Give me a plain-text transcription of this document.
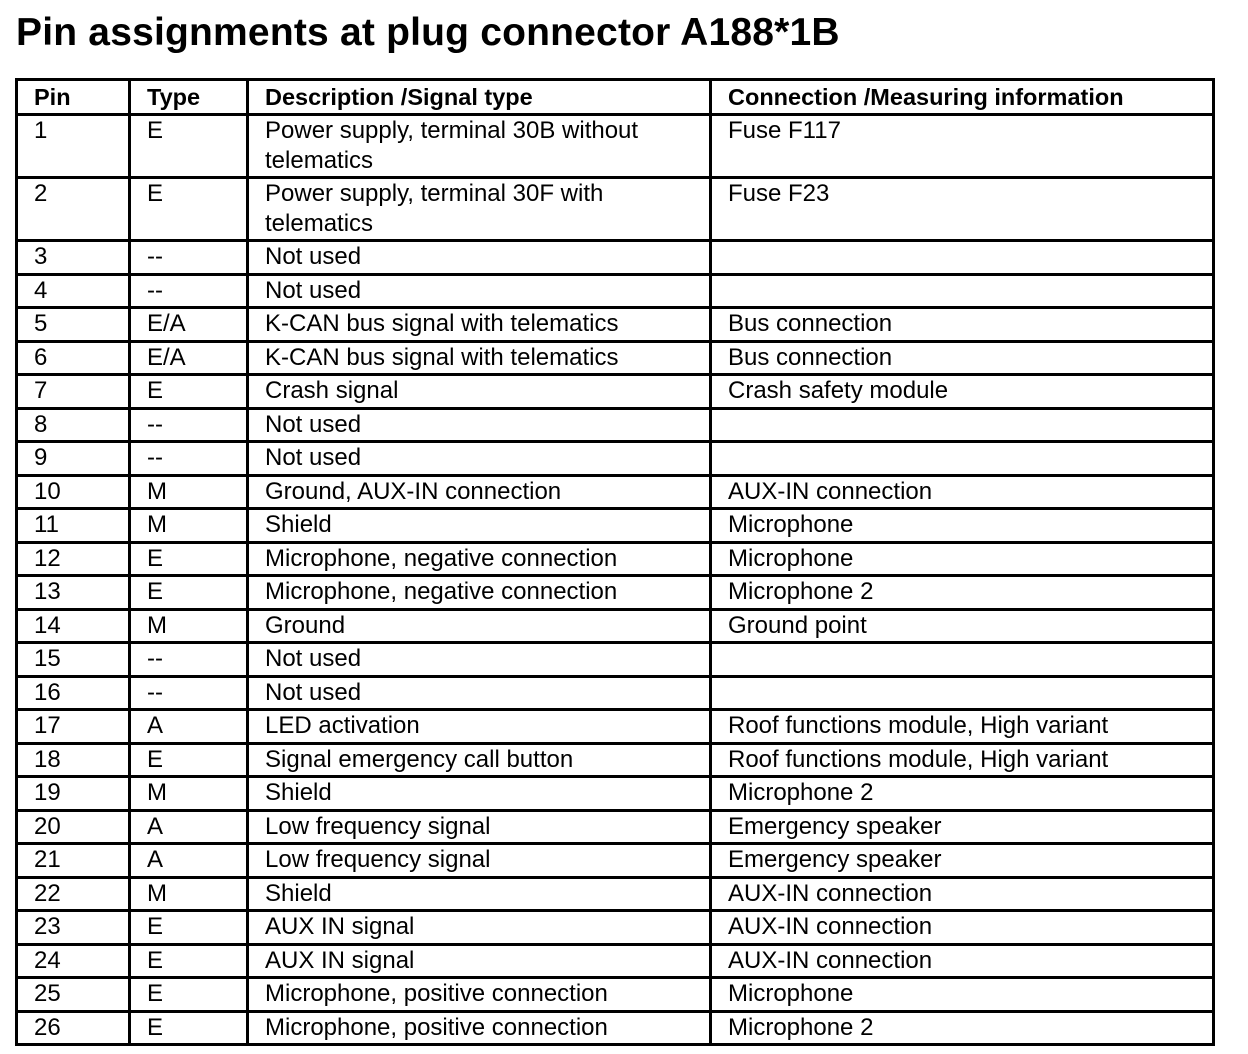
Pin assignments at plug connector A188*1B
Pin	Type	Description /Signal type	Connection /Measuring information
1	E	Power supply, terminal 30B without telematics	Fuse F117
2	E	Power supply, terminal 30F with telematics	Fuse F23
3	--	Not used	
4	--	Not used	
5	E/A	K-CAN bus signal with telematics	Bus connection
6	E/A	K-CAN bus signal with telematics	Bus connection
7	E	Crash signal	Crash safety module
8	--	Not used	
9	--	Not used	
10	M	Ground, AUX-IN connection	AUX-IN connection
11	M	Shield	Microphone
12	E	Microphone, negative connection	Microphone
13	E	Microphone, negative connection	Microphone 2
14	M	Ground	Ground point
15	--	Not used	
16	--	Not used	
17	A	LED activation	Roof functions module, High variant
18	E	Signal emergency call button	Roof functions module, High variant
19	M	Shield	Microphone 2
20	A	Low frequency signal	Emergency speaker
21	A	Low frequency signal	Emergency speaker
22	M	Shield	AUX-IN connection
23	E	AUX IN signal	AUX-IN connection
24	E	AUX IN signal	AUX-IN connection
25	E	Microphone, positive connection	Microphone
26	E	Microphone, positive connection	Microphone 2
